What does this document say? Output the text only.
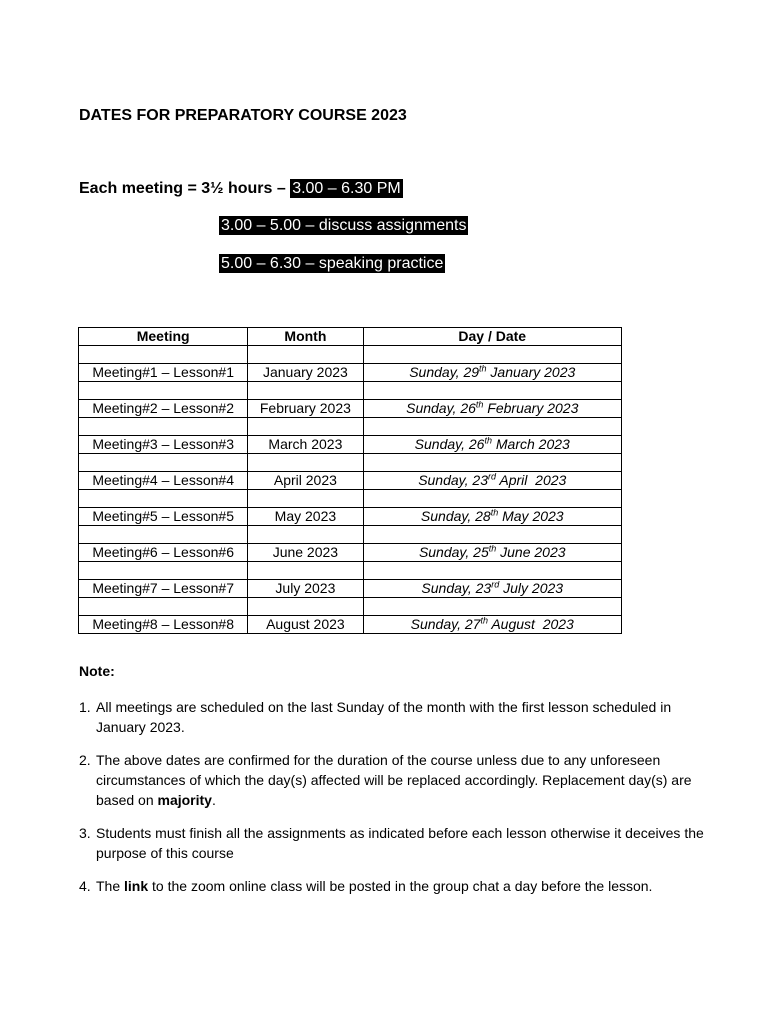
DATES FOR PREPARATORY COURSE 2023
Each meeting = 3½ hours – 3.00 – 6.30 PM
3.00 – 5.00 – discuss assignments
5.00 – 6.30 – speaking practice
Meeting	Month	Day / Date

Meeting#1 – Lesson#1	January 2023	Sunday, 29th January 2023

Meeting#2 – Lesson#2	February 2023	Sunday, 26th February 2023

Meeting#3 – Lesson#3	March 2023	Sunday, 26th March 2023

Meeting#4 – Lesson#4	April 2023	Sunday, 23rd April  2023

Meeting#5 – Lesson#5	May 2023	Sunday, 28th May 2023

Meeting#6 – Lesson#6	June 2023	Sunday, 25th June 2023

Meeting#7 – Lesson#7	July 2023	Sunday, 23rd July 2023

Meeting#8 – Lesson#8	August 2023	Sunday, 27th August  2023
Note:
1. All meetings are scheduled on the last Sunday of the month with the first lesson scheduled in January 2023.
2. The above dates are confirmed for the duration of the course unless due to any unforeseen circumstances of which the day(s) affected will be replaced accordingly. Replacement day(s) are based on majority.
3. Students must finish all the assignments as indicated before each lesson otherwise it deceives the purpose of this course
4. The link to the zoom online class will be posted in the group chat a day before the lesson.
